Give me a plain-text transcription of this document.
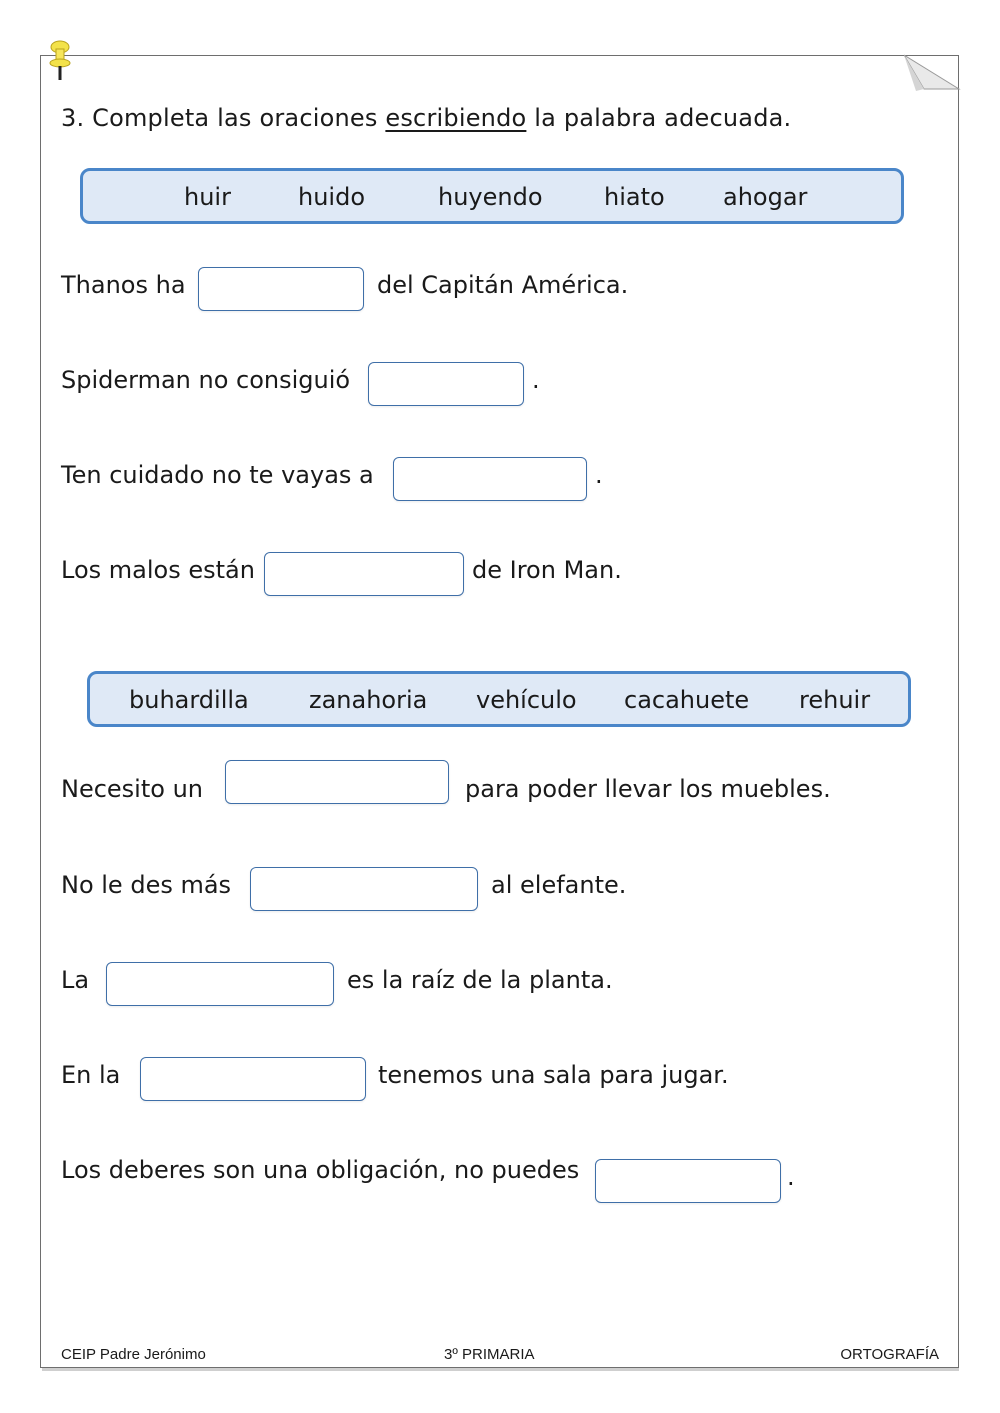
3. Completa las oraciones escribiendo la palabra adecuada.
huir	huido	huyendo	hiato ahogar
Thanos ha	del Capitán América.
Spiderman no consiguió	.
Ten cuidado no te vayas a	.
Los malos están	de Iron Man.
buhardilla	zanahoria vehículo cacahuete rehuir
Necesito un	para poder llevar los muebles.
No le des más	al elefante.
La	es la raíz de la planta.
En la	tenemos una sala para jugar.
Los deberes son una obligación, no puedes	.
CEIP Padre Jerónimo	3º PRIMARIA	ORTOGRAFÍA
